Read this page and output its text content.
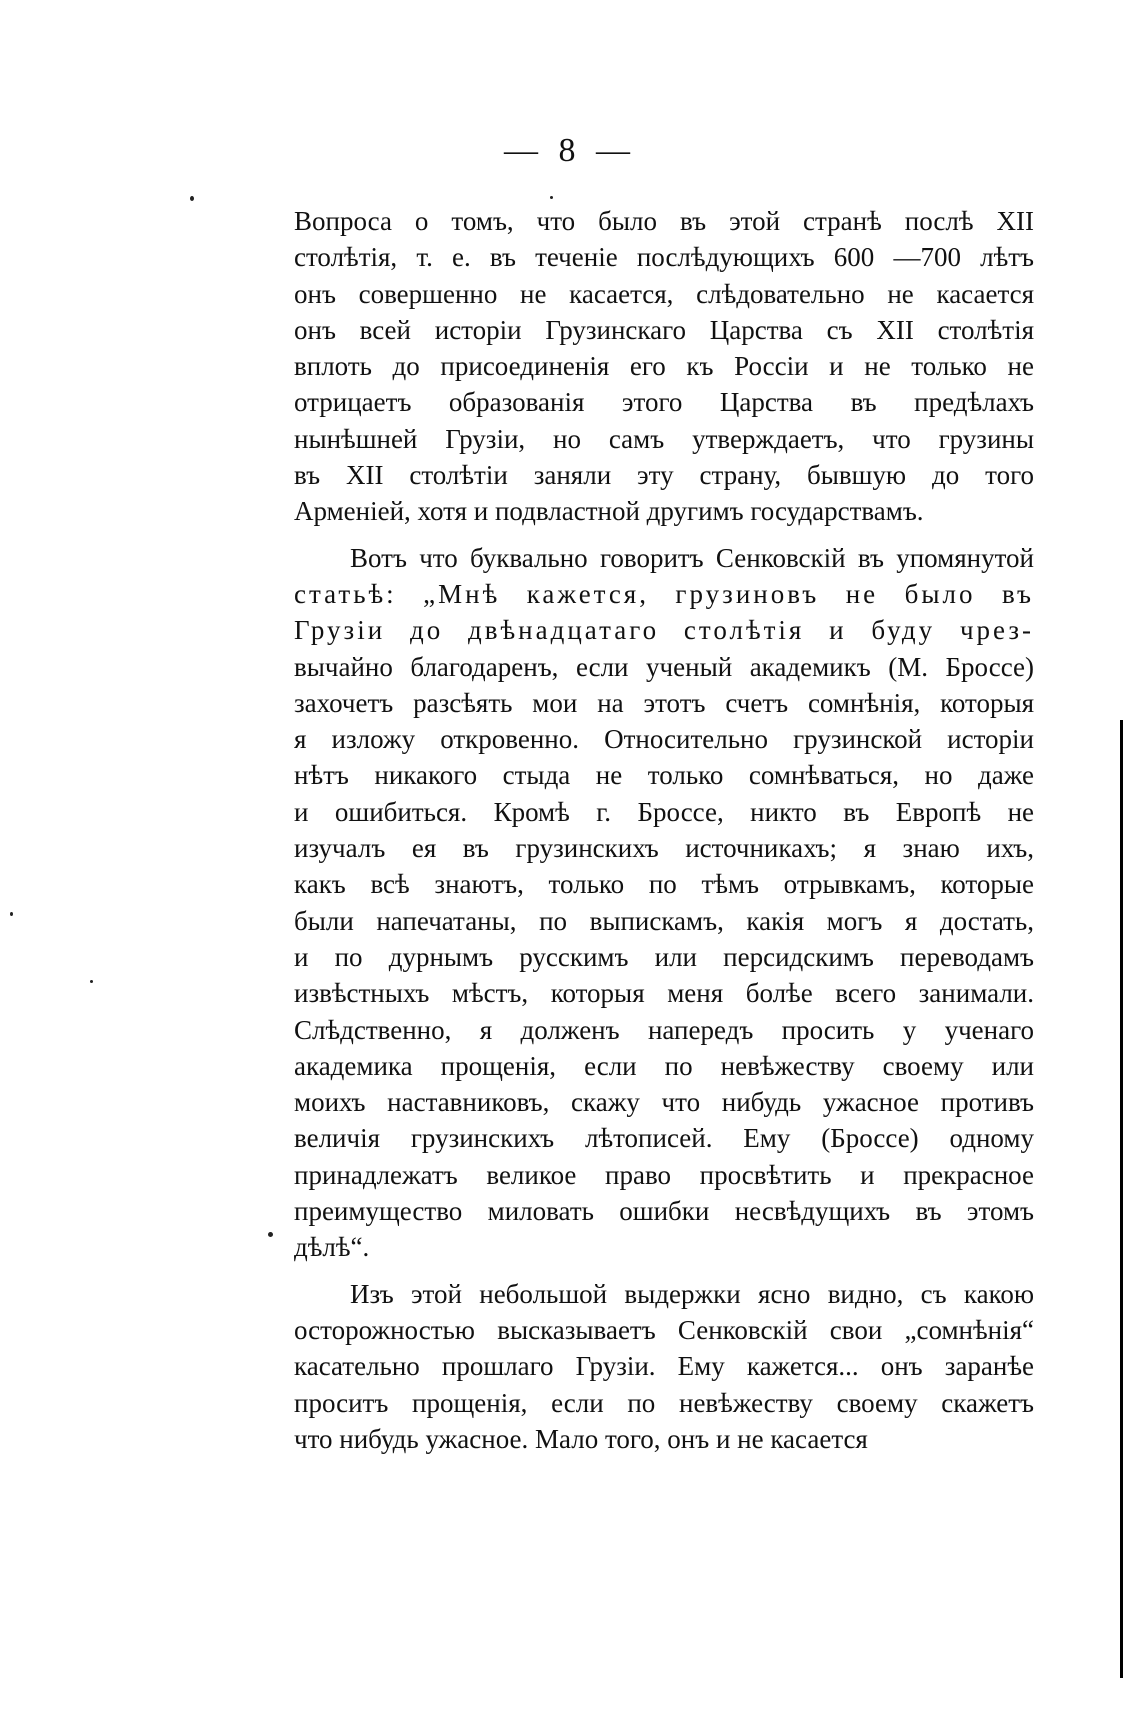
— 8 —
Вопроса о томъ, что было въ этой странѣ послѣ XII
столѣтія, т. е. въ теченіе послѣдующихъ 600 —700 лѣтъ
онъ совершенно не касается, слѣдовательно не касается
онъ всей исторіи Грузинскаго Царства съ XII столѣтія
вплоть до присоединенія его къ Россіи и не только не
отрицаетъ образованія этого Царства въ предѣлахъ
нынѣшней Грузіи, но самъ утверждаетъ, что грузины
въ XII столѣтіи заняли эту страну, бывшую до того
Арменіей, хотя и подвластной другимъ государствамъ.
Вотъ что буквально говоритъ Сенковскій въ упомянутой
статьѣ: „Мнѣ кажется, грузиновъ не было въ
Грузіи до двѣнадцатаго столѣтія и буду чрез-
вычайно благодаренъ, если ученый академикъ (М. Броссе)
захочетъ разсѣять мои на этотъ счетъ сомнѣнія, которыя
я изложу откровенно. Относительно грузинской исторіи
нѣтъ никакого стыда не только сомнѣваться, но даже
и ошибиться. Кромѣ г. Броссе, никто въ Европѣ не
изучалъ ея въ грузинскихъ источникахъ; я знаю ихъ,
какъ всѣ знаютъ, только по тѣмъ отрывкамъ, которые
были напечатаны, по выпискамъ, какія могъ я достать,
и по дурнымъ русскимъ или персидскимъ переводамъ
извѣстныхъ мѣстъ, которыя меня болѣе всего занимали.
Слѣдственно, я долженъ напередъ просить у ученаго
академика прощенія, если по невѣжеству своему или
моихъ наставниковъ, скажу что нибудь ужасное противъ
величія грузинскихъ лѣтописей. Ему (Броссе) одному
принадлежатъ великое право просвѣтить и прекрасное
преимущество миловать ошибки несвѣдущихъ въ этомъ
дѣлѣ“.
Изъ этой небольшой выдержки ясно видно, съ какою
осторожностью высказываетъ Сенковскій свои „сомнѣнія“
касательно прошлаго Грузіи. Ему кажется... онъ заранѣе
проситъ прощенія, если по невѣжеству своему скажетъ
что нибудь ужасное. Мало того, онъ и не касается
